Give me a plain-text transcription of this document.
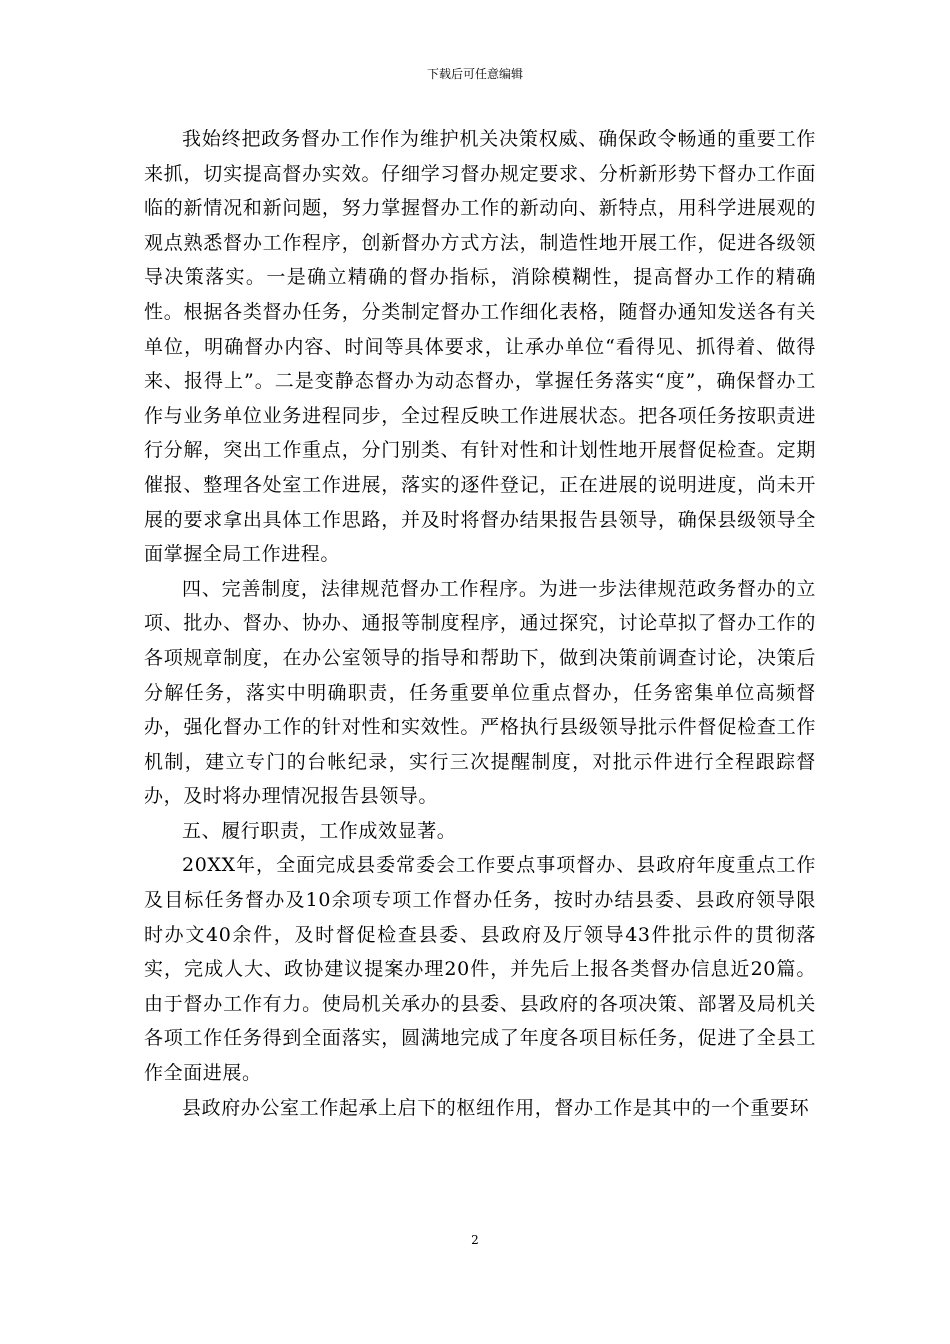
下载后可任意编辑

我始终把政务督办工作作为维护机关决策权威、确保政令畅通的重要工作来抓，切实提高督办实效。仔细学习督办规定要求、分析新形势下督办工作面临的新情况和新问题，努力掌握督办工作的新动向、新特点，用科学进展观的观点熟悉督办工作程序，创新督办方式方法，制造性地开展工作，促进各级领导决策落实。一是确立精确的督办指标，消除模糊性，提高督办工作的精确性。根据各类督办任务，分类制定督办工作细化表格，随督办通知发送各有关单位，明确督办内容、时间等具体要求，让承办单位“看得见、抓得着、做得来、报得上”。二是变静态督办为动态督办，掌握任务落实“度”，确保督办工作与业务单位业务进程同步，全过程反映工作进展状态。把各项任务按职责进行分解，突出工作重点，分门别类、有针对性和计划性地开展督促检查。定期催报、整理各处室工作进展，落实的逐件登记，正在进展的说明进度，尚未开展的要求拿出具体工作思路，并及时将督办结果报告县领导，确保县级领导全面掌握全局工作进程。

四、完善制度，法律规范督办工作程序。为进一步法律规范政务督办的立项、批办、督办、协办、通报等制度程序，通过探究，讨论草拟了督办工作的各项规章制度，在办公室领导的指导和帮助下，做到决策前调查讨论，决策后分解任务，落实中明确职责，任务重要单位重点督办，任务密集单位高频督办，强化督办工作的针对性和实效性。严格执行县级领导批示件督促检查工作机制，建立专门的台帐纪录，实行三次提醒制度，对批示件进行全程跟踪督办，及时将办理情况报告县领导。

五、履行职责，工作成效显著。

20XX年，全面完成县委常委会工作要点事项督办、县政府年度重点工作及目标任务督办及10余项专项工作督办任务，按时办结县委、县政府领导限时办文40余件，及时督促检查县委、县政府及厅领导43件批示件的贯彻落实，完成人大、政协建议提案办理20件，并先后上报各类督办信息近20篇。由于督办工作有力。使局机关承办的县委、县政府的各项决策、部署及局机关各项工作任务得到全面落实，圆满地完成了年度各项目标任务，促进了全县工作全面进展。

县政府办公室工作起承上启下的枢纽作用，督办工作是其中的一个重要环

2
